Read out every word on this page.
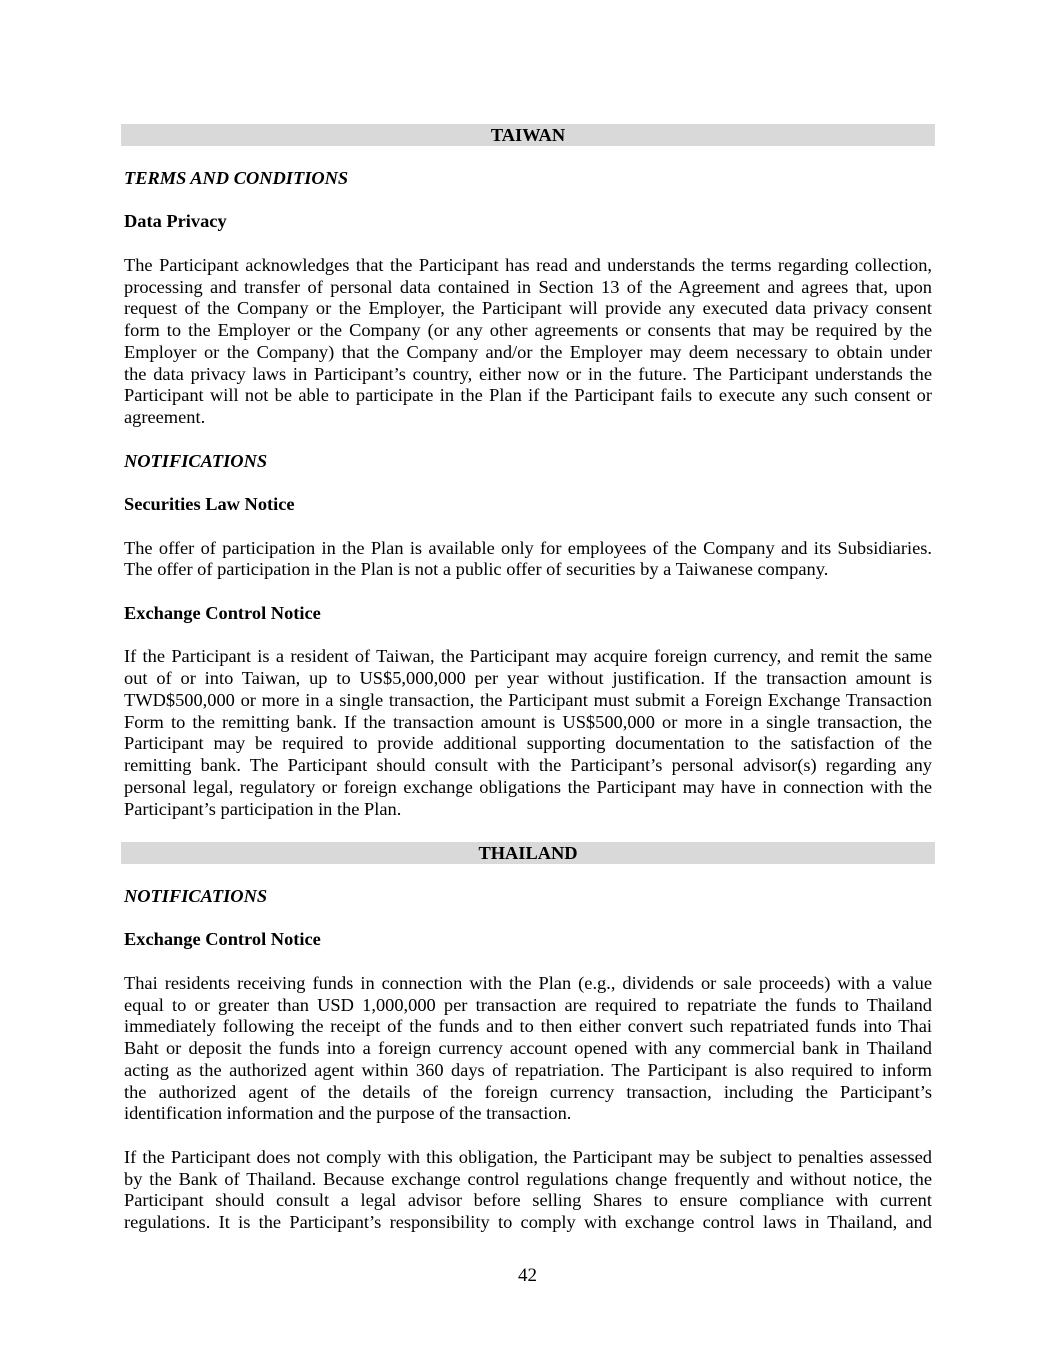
TAIWAN
TERMS AND CONDITIONS
Data Privacy
The Participant acknowledges that the Participant has read and understands the terms regarding collection,
processing and transfer of personal data contained in Section 13 of the Agreement and agrees that, upon
request of the Company or the Employer, the Participant will provide any executed data privacy consent
form to the Employer or the Company (or any other agreements or consents that may be required by the
Employer or the Company) that the Company and/or the Employer may deem necessary to obtain under
the data privacy laws in Participant’s country, either now or in the future. The Participant understands the
Participant will not be able to participate in the Plan if the Participant fails to execute any such consent or
agreement.
NOTIFICATIONS
Securities Law Notice
The offer of participation in the Plan is available only for employees of the Company and its Subsidiaries.
The offer of participation in the Plan is not a public offer of securities by a Taiwanese company.
Exchange Control Notice
If the Participant is a resident of Taiwan, the Participant may acquire foreign currency, and remit the same
out of or into Taiwan, up to US$5,000,000 per year without justification. If the transaction amount is
TWD$500,000 or more in a single transaction, the Participant must submit a Foreign Exchange Transaction
Form to the remitting bank. If the transaction amount is US$500,000 or more in a single transaction, the
Participant may be required to provide additional supporting documentation to the satisfaction of the
remitting bank. The Participant should consult with the Participant’s personal advisor(s) regarding any
personal legal, regulatory or foreign exchange obligations the Participant may have in connection with the
Participant’s participation in the Plan.
THAILAND
NOTIFICATIONS
Exchange Control Notice
Thai residents receiving funds in connection with the Plan (e.g., dividends or sale proceeds) with a value
equal to or greater than USD 1,000,000 per transaction are required to repatriate the funds to Thailand
immediately following the receipt of the funds and to then either convert such repatriated funds into Thai
Baht or deposit the funds into a foreign currency account opened with any commercial bank in Thailand
acting as the authorized agent within 360 days of repatriation. The Participant is also required to inform
the authorized agent of the details of the foreign currency transaction, including the Participant’s
identification information and the purpose of the transaction.
If the Participant does not comply with this obligation, the Participant may be subject to penalties assessed
by the Bank of Thailand. Because exchange control regulations change frequently and without notice, the
Participant should consult a legal advisor before selling Shares to ensure compliance with current
regulations. It is the Participant’s responsibility to comply with exchange control laws in Thailand, and
42
